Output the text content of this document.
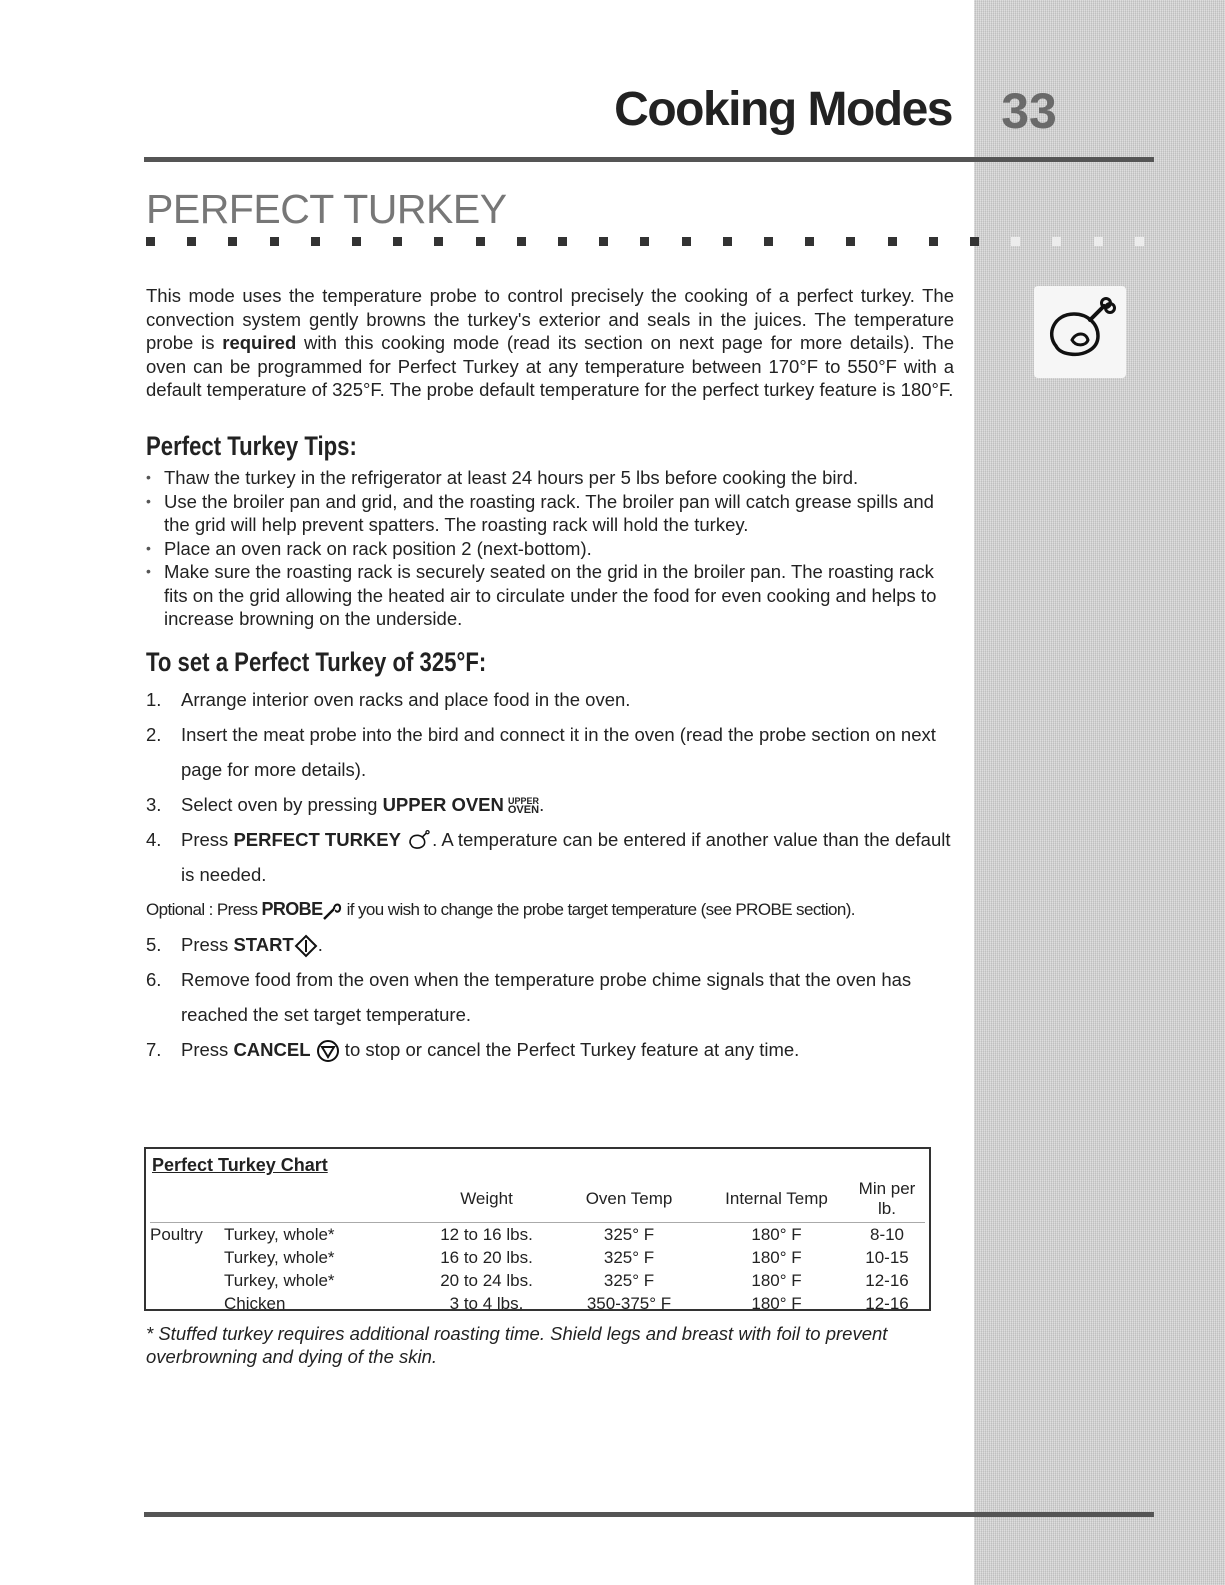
Cooking Modes 33
PERFECT TURKEY

This mode uses the temperature probe to control precisely the cooking of a perfect turkey. The convection system gently browns the turkey's exterior and seals in the juices. The temperature probe is required with this cooking mode (read its section on next page for more details). The oven can be programmed for Perfect Turkey at any temperature between 170°F to 550°F with a default temperature of 325°F. The probe default temperature for the perfect turkey feature is 180°F.

Perfect Turkey Tips:
• Thaw the turkey in the refrigerator at least 24 hours per 5 lbs before cooking the bird.
• Use the broiler pan and grid, and the roasting rack. The broiler pan will catch grease spills and the grid will help prevent spatters. The roasting rack will hold the turkey.
• Place an oven rack on rack position 2 (next-bottom).
• Make sure the roasting rack is securely seated on the grid in the broiler pan. The roasting rack fits on the grid allowing the heated air to circulate under the food for even cooking and helps to increase browning on the underside.
To set a Perfect Turkey of 325°F:
1. Arrange interior oven racks and place food in the oven.
2. Insert the meat probe into the bird and connect it in the oven (read the probe section on next page for more details).
3. Select oven by pressing UPPER OVEN UPPER
OVEN.
4. Press PERFECT TURKEY . A temperature can be entered if another value than the default is needed.
Optional : Press PROBE if you wish to change the probe target temperature (see PROBE section).
5. Press START .
6. Remove food from the oven when the temperature probe chime signals that the oven has reached the set target temperature.
7. Press CANCEL  to stop or cancel the Perfect Turkey feature at any time.
Perfect Turkey Chart
		Weight	Oven Temp	Internal Temp	Min per lb.
Poultry	Turkey, whole*	12 to 16 lbs.	325° F	180° F	8-10
	Turkey, whole*	16 to 20 lbs.	325° F	180° F	10-15
	Turkey, whole*	20 to 24 lbs.	325° F	180° F	12-16
	Chicken	3 to 4 lbs.	350-375° F	180° F	12-16
* Stuffed turkey requires additional roasting time. Shield legs and breast with foil to prevent overbrowning and dying of the skin.
